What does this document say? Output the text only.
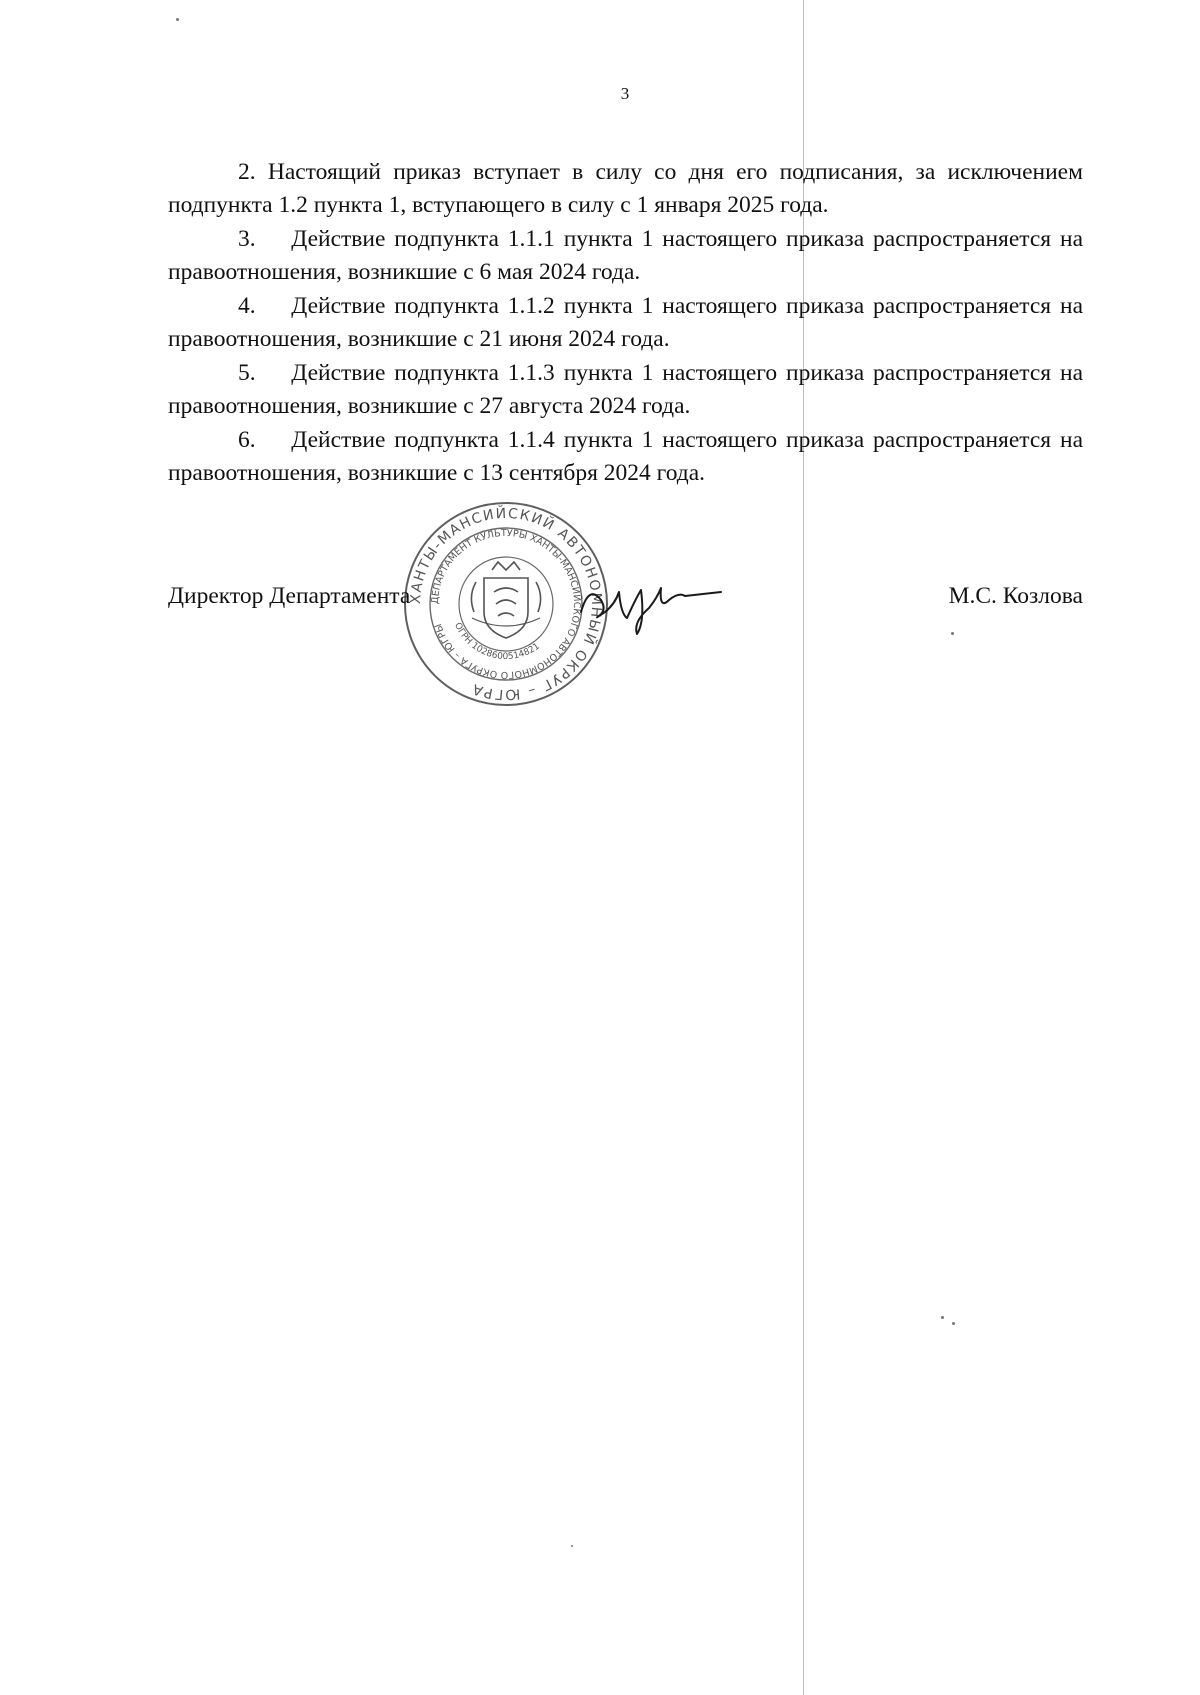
3

2. Настоящий приказ вступает в силу со дня его подписания, за исключением подпункта 1.2 пункта 1, вступающего в силу с 1 января 2025 года.

3.    Действие подпункта 1.1.1 пункта 1 настоящего приказа распространяется на правоотношения, возникшие с 6 мая 2024 года.

4.    Действие подпункта 1.1.2 пункта 1 настоящего приказа распространяется на правоотношения, возникшие с 21 июня 2024 года.

5.    Действие подпункта 1.1.3 пункта 1 настоящего приказа распространяется на правоотношения, возникшие с 27 августа 2024 года.

6.    Действие подпункта 1.1.4 пункта 1 настоящего приказа распространяется на правоотношения, возникшие с 13 сентября 2024 года.

ХАНТЫ-МАНСИЙСКИЙ АВТОНОМНЫЙ ОКРУГ – ЮГРА
ДЕПАРТАМЕНТ КУЛЬТУРЫ ХАНТЫ-МАНСИЙСКОГО АВТОНОМНОГО ОКРУГА – ЮГРЫ ОГРН 1028600514821
Директор Департамента	М.С. Козлова
